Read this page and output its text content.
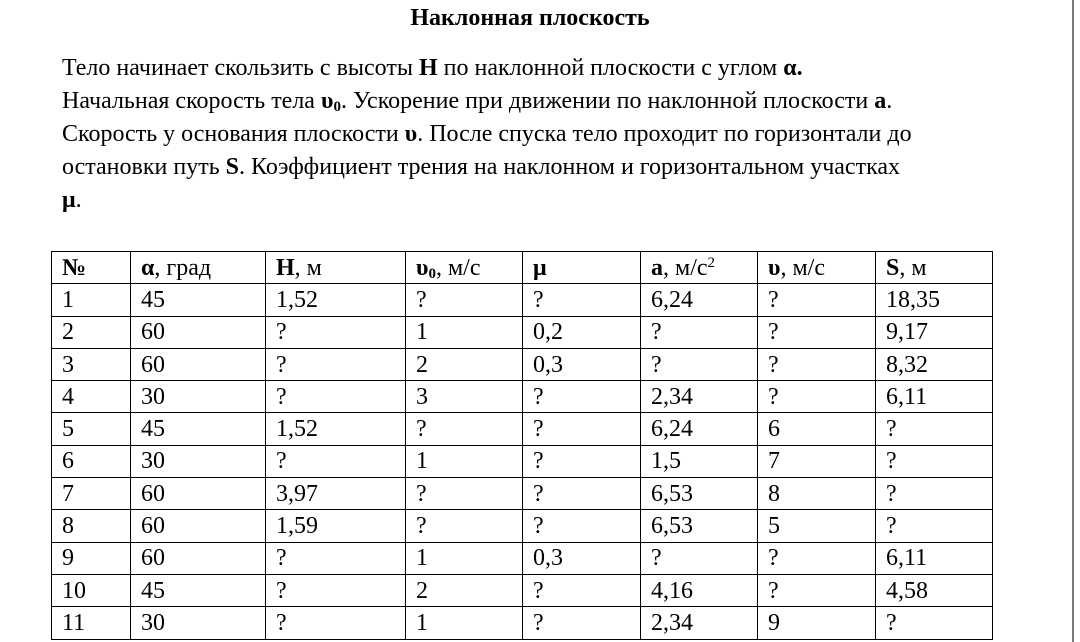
Наклонная плоскость
Тело начинает скользить с высоты H по наклонной плоскости с углом α.
Начальная скорость тела $\upsilon_0$. Ускорение при движении по наклонной плоскости a.
Скорость у основания плоскости υ. После спуска тело проходит по горизонтали до остановки путь S. Коэффициент трения на наклонном и горизонтальном участках
μ.
№	α, град	H, м	$\upsilon_0$, м/с	μ	a, $м/с^2$	υ, м/с	S, м
1	45	1,52	?	?	6,24	?	18,35
2	60	?	1	0,2	?	?	9,17
3	60	?	2	0,3	?	?	8,32
4	30	?	3	?	2,34	?	6,11
5	45	1,52	?	?	6,24	6	?
6	30	?	1	?	1,5	7	?
7	60	3,97	?	?	6,53	8	?
8	60	1,59	?	?	6,53	5	?
9	60	?	1	0,3	?	?	6,11
10	45	?	2	?	4,16	?	4,58
11	30	?	1	?	2,34	9	?
